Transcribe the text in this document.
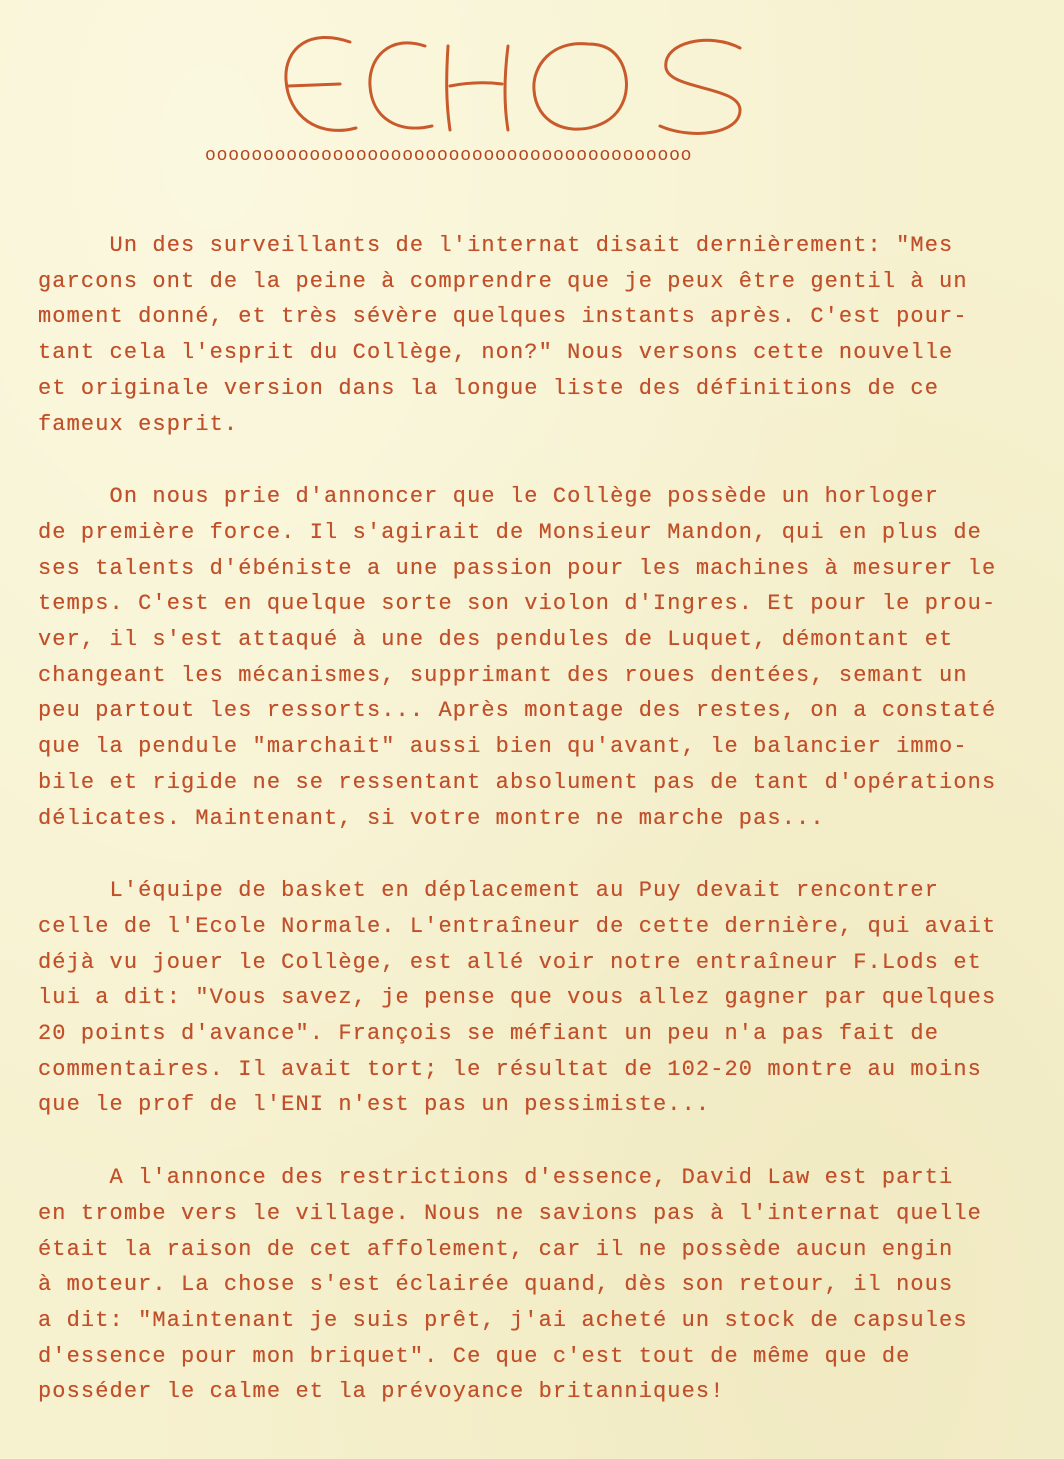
oooooooooooooooooooooooooooooooooooooooooo
Un des surveillants de l'internat disait dernièrement: "Mes
garcons ont de la peine à comprendre que je peux être gentil à un
moment donné, et très sévère quelques instants après. C'est pour-
tant cela l'esprit du Collège, non?" Nous versons cette nouvelle
et originale version dans la longue liste des définitions de ce
fameux esprit.
On nous prie d'annoncer que le Collège possède un horloger
de première force. Il s'agirait de Monsieur Mandon, qui en plus de
ses talents d'ébéniste a une passion pour les machines à mesurer le
temps. C'est en quelque sorte son violon d'Ingres. Et pour le prou-
ver, il s'est attaqué à une des pendules de Luquet, démontant et
changeant les mécanismes, supprimant des roues dentées, semant un
peu partout les ressorts... Après montage des restes, on a constaté
que la pendule "marchait" aussi bien qu'avant, le balancier immo-
bile et rigide ne se ressentant absolument pas de tant d'opérations
délicates. Maintenant, si votre montre ne marche pas...
L'équipe de basket en déplacement au Puy devait rencontrer
celle de l'Ecole Normale. L'entraîneur de cette dernière, qui avait
déjà vu jouer le Collège, est allé voir notre entraîneur F.Lods et
lui a dit: "Vous savez, je pense que vous allez gagner par quelques
20 points d'avance". François se méfiant un peu n'a pas fait de
commentaires. Il avait tort; le résultat de 102-20 montre au moins
que le prof de l'ENI n'est pas un pessimiste...
A l'annonce des restrictions d'essence, David Law est parti
en trombe vers le village. Nous ne savions pas à l'internat quelle
était la raison de cet affolement, car il ne possède aucun engin
à moteur. La chose s'est éclairée quand, dès son retour, il nous
a dit: "Maintenant je suis prêt, j'ai acheté un stock de capsules
d'essence pour mon briquet". Ce que c'est tout de même que de
posséder le calme et la prévoyance britanniques!
